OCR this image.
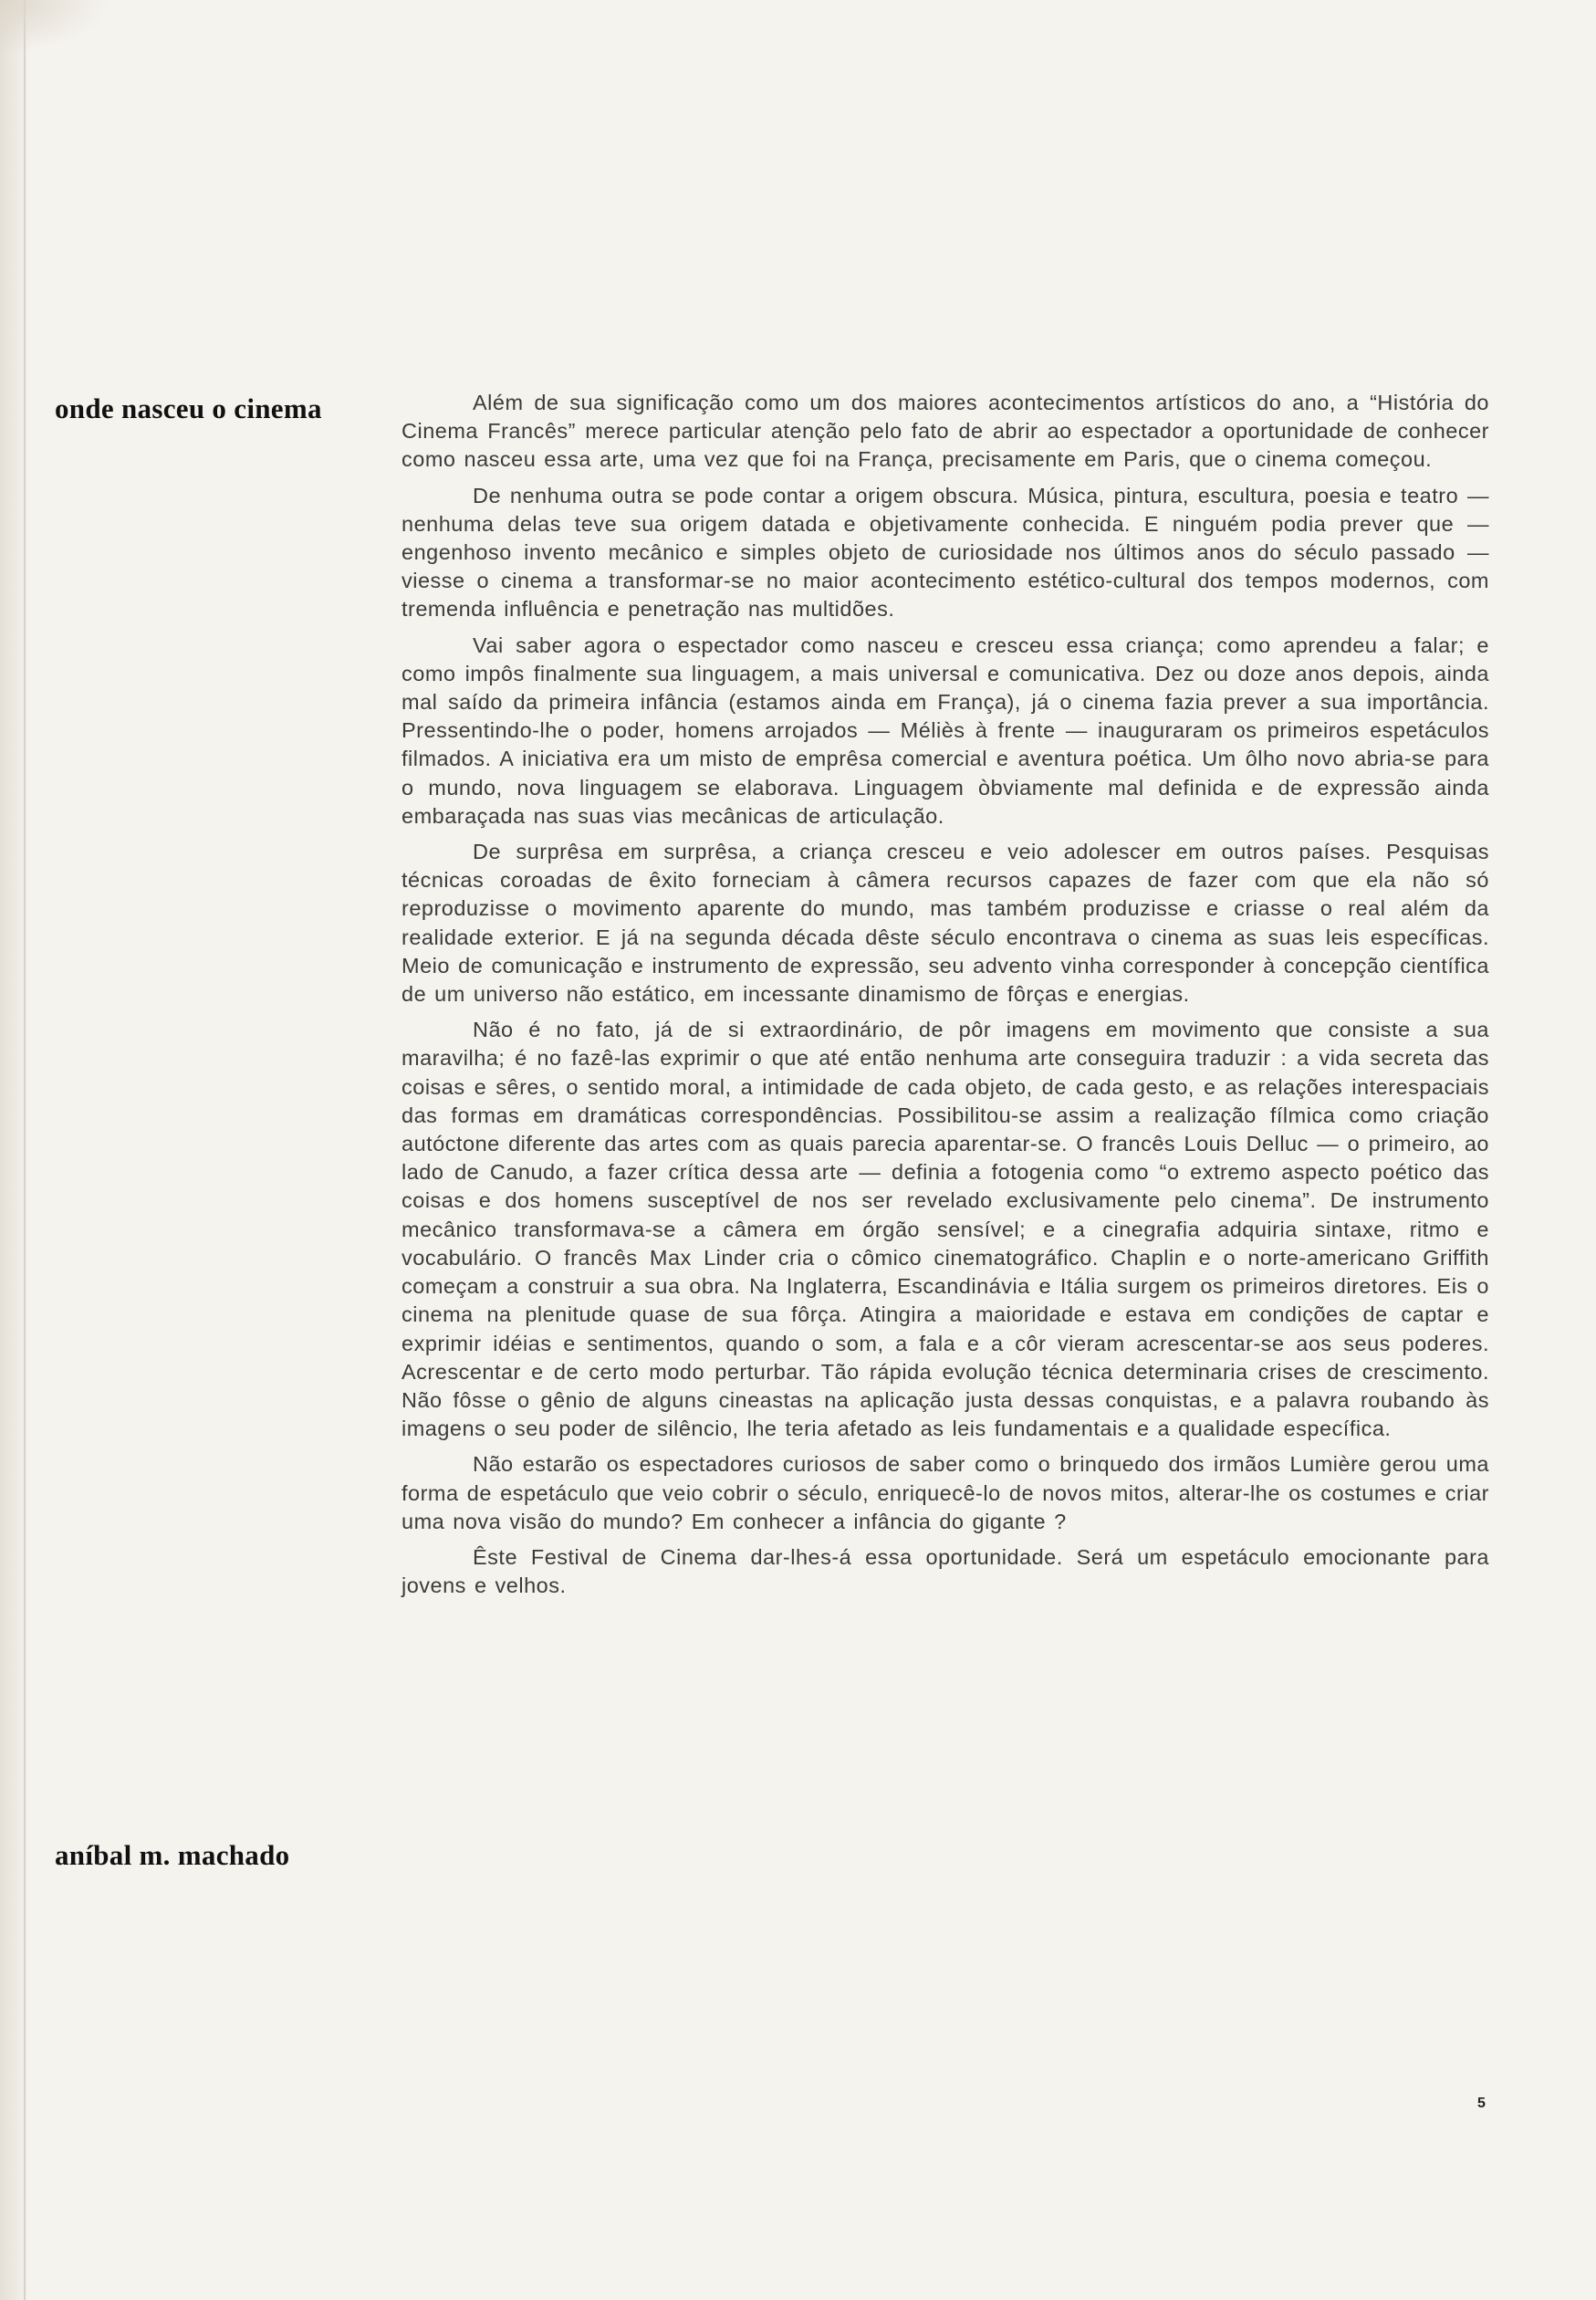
onde nasceu o cinema	Além de sua significação como um dos maiores acontecimentos artísticos do ano, a “História do Cinema Francês” merece particular atenção pelo fato de abrir ao espectador a oportunidade de conhecer como nasceu essa arte, uma vez que foi na França, precisamente em Paris, que o cinema começou.

De nenhuma outra se pode contar a origem obscura. Música, pintura, escultura, poesia e teatro — nenhuma delas teve sua origem datada e objetivamente conhecida. E ninguém podia prever que — engenhoso invento mecânico e simples objeto de curiosidade nos últimos anos do século passado — viesse o cinema a transformar-se no maior acontecimento estético-cultural dos tempos modernos, com tremenda influência e penetração nas multidões.

Vai saber agora o espectador como nasceu e cresceu essa criança; como aprendeu a falar; e como impôs finalmente sua linguagem, a mais universal e comunicativa. Dez ou doze anos depois, ainda mal saído da primeira infância (estamos ainda em França), já o cinema fazia prever a sua importância. Pressentindo-lhe o poder, homens arrojados — Méliès à frente — inauguraram os primeiros espetáculos filmados. A iniciativa era um misto de emprêsa comercial e aventura poética. Um ôlho novo abria-se para o mundo, nova linguagem se elaborava. Linguagem òbviamente mal definida e de expressão ainda embaraçada nas suas vias mecânicas de articulação.

De surprêsa em surprêsa, a criança cresceu e veio adolescer em outros países. Pesquisas técnicas coroadas de êxito forneciam à câmera recursos capazes de fazer com que ela não só reproduzisse o movimento aparente do mundo, mas também produzisse e criasse o real além da realidade exterior. E já na segunda década dêste século encontrava o cinema as suas leis específicas. Meio de comunicação e instrumento de expressão, seu advento vinha corresponder à concepção científica de um universo não estático, em incessante dinamismo de fôrças e energias.

Não é no fato, já de si extraordinário, de pôr imagens em movimento que consiste a sua maravilha; é no fazê-las exprimir o que até então nenhuma arte conseguira traduzir : a vida secreta das coisas e sêres, o sentido moral, a intimidade de cada objeto, de cada gesto, e as relações interespaciais das formas em dramáticas correspondências. Possibilitou-se assim a realização fílmica como criação autóctone diferente das artes com as quais parecia aparentar-se. O francês Louis Delluc — o primeiro, ao lado de Canudo, a fazer crítica dessa arte — definia a fotogenia como “o extremo aspecto poético das coisas e dos homens susceptível de nos ser revelado exclusivamente pelo cinema”. De instrumento mecânico transformava-se a câmera em órgão sensível; e a cinegrafia adquiria sintaxe, ritmo e vocabulário. O francês Max Linder cria o cômico cinematográfico. Chaplin e o norte-americano Griffith começam a construir a sua obra. Na Inglaterra, Escandinávia e Itália surgem os primeiros diretores. Eis o cinema na plenitude quase de sua fôrça. Atingira a maioridade e estava em condições de captar e exprimir idéias e sentimentos, quando o som, a fala e a côr vieram acrescentar-se aos seus poderes. Acrescentar e de certo modo perturbar. Tão rápida evolução técnica determinaria crises de crescimento. Não fôsse o gênio de alguns cineastas na aplicação justa dessas conquistas, e a palavra roubando às imagens o seu poder de silêncio, lhe teria afetado as leis fundamentais e a qualidade específica.

Não estarão os espectadores curiosos de saber como o brinquedo dos irmãos Lumière gerou uma forma de espetáculo que veio cobrir o século, enriquecê-lo de novos mitos, alterar-lhe os costumes e criar uma nova visão do mundo? Em conhecer a infância do gigante ?

Êste Festival de Cinema dar-lhes-á essa oportunidade. Será um espetáculo emocionante para jovens e velhos.

aníbal m. machado
5
